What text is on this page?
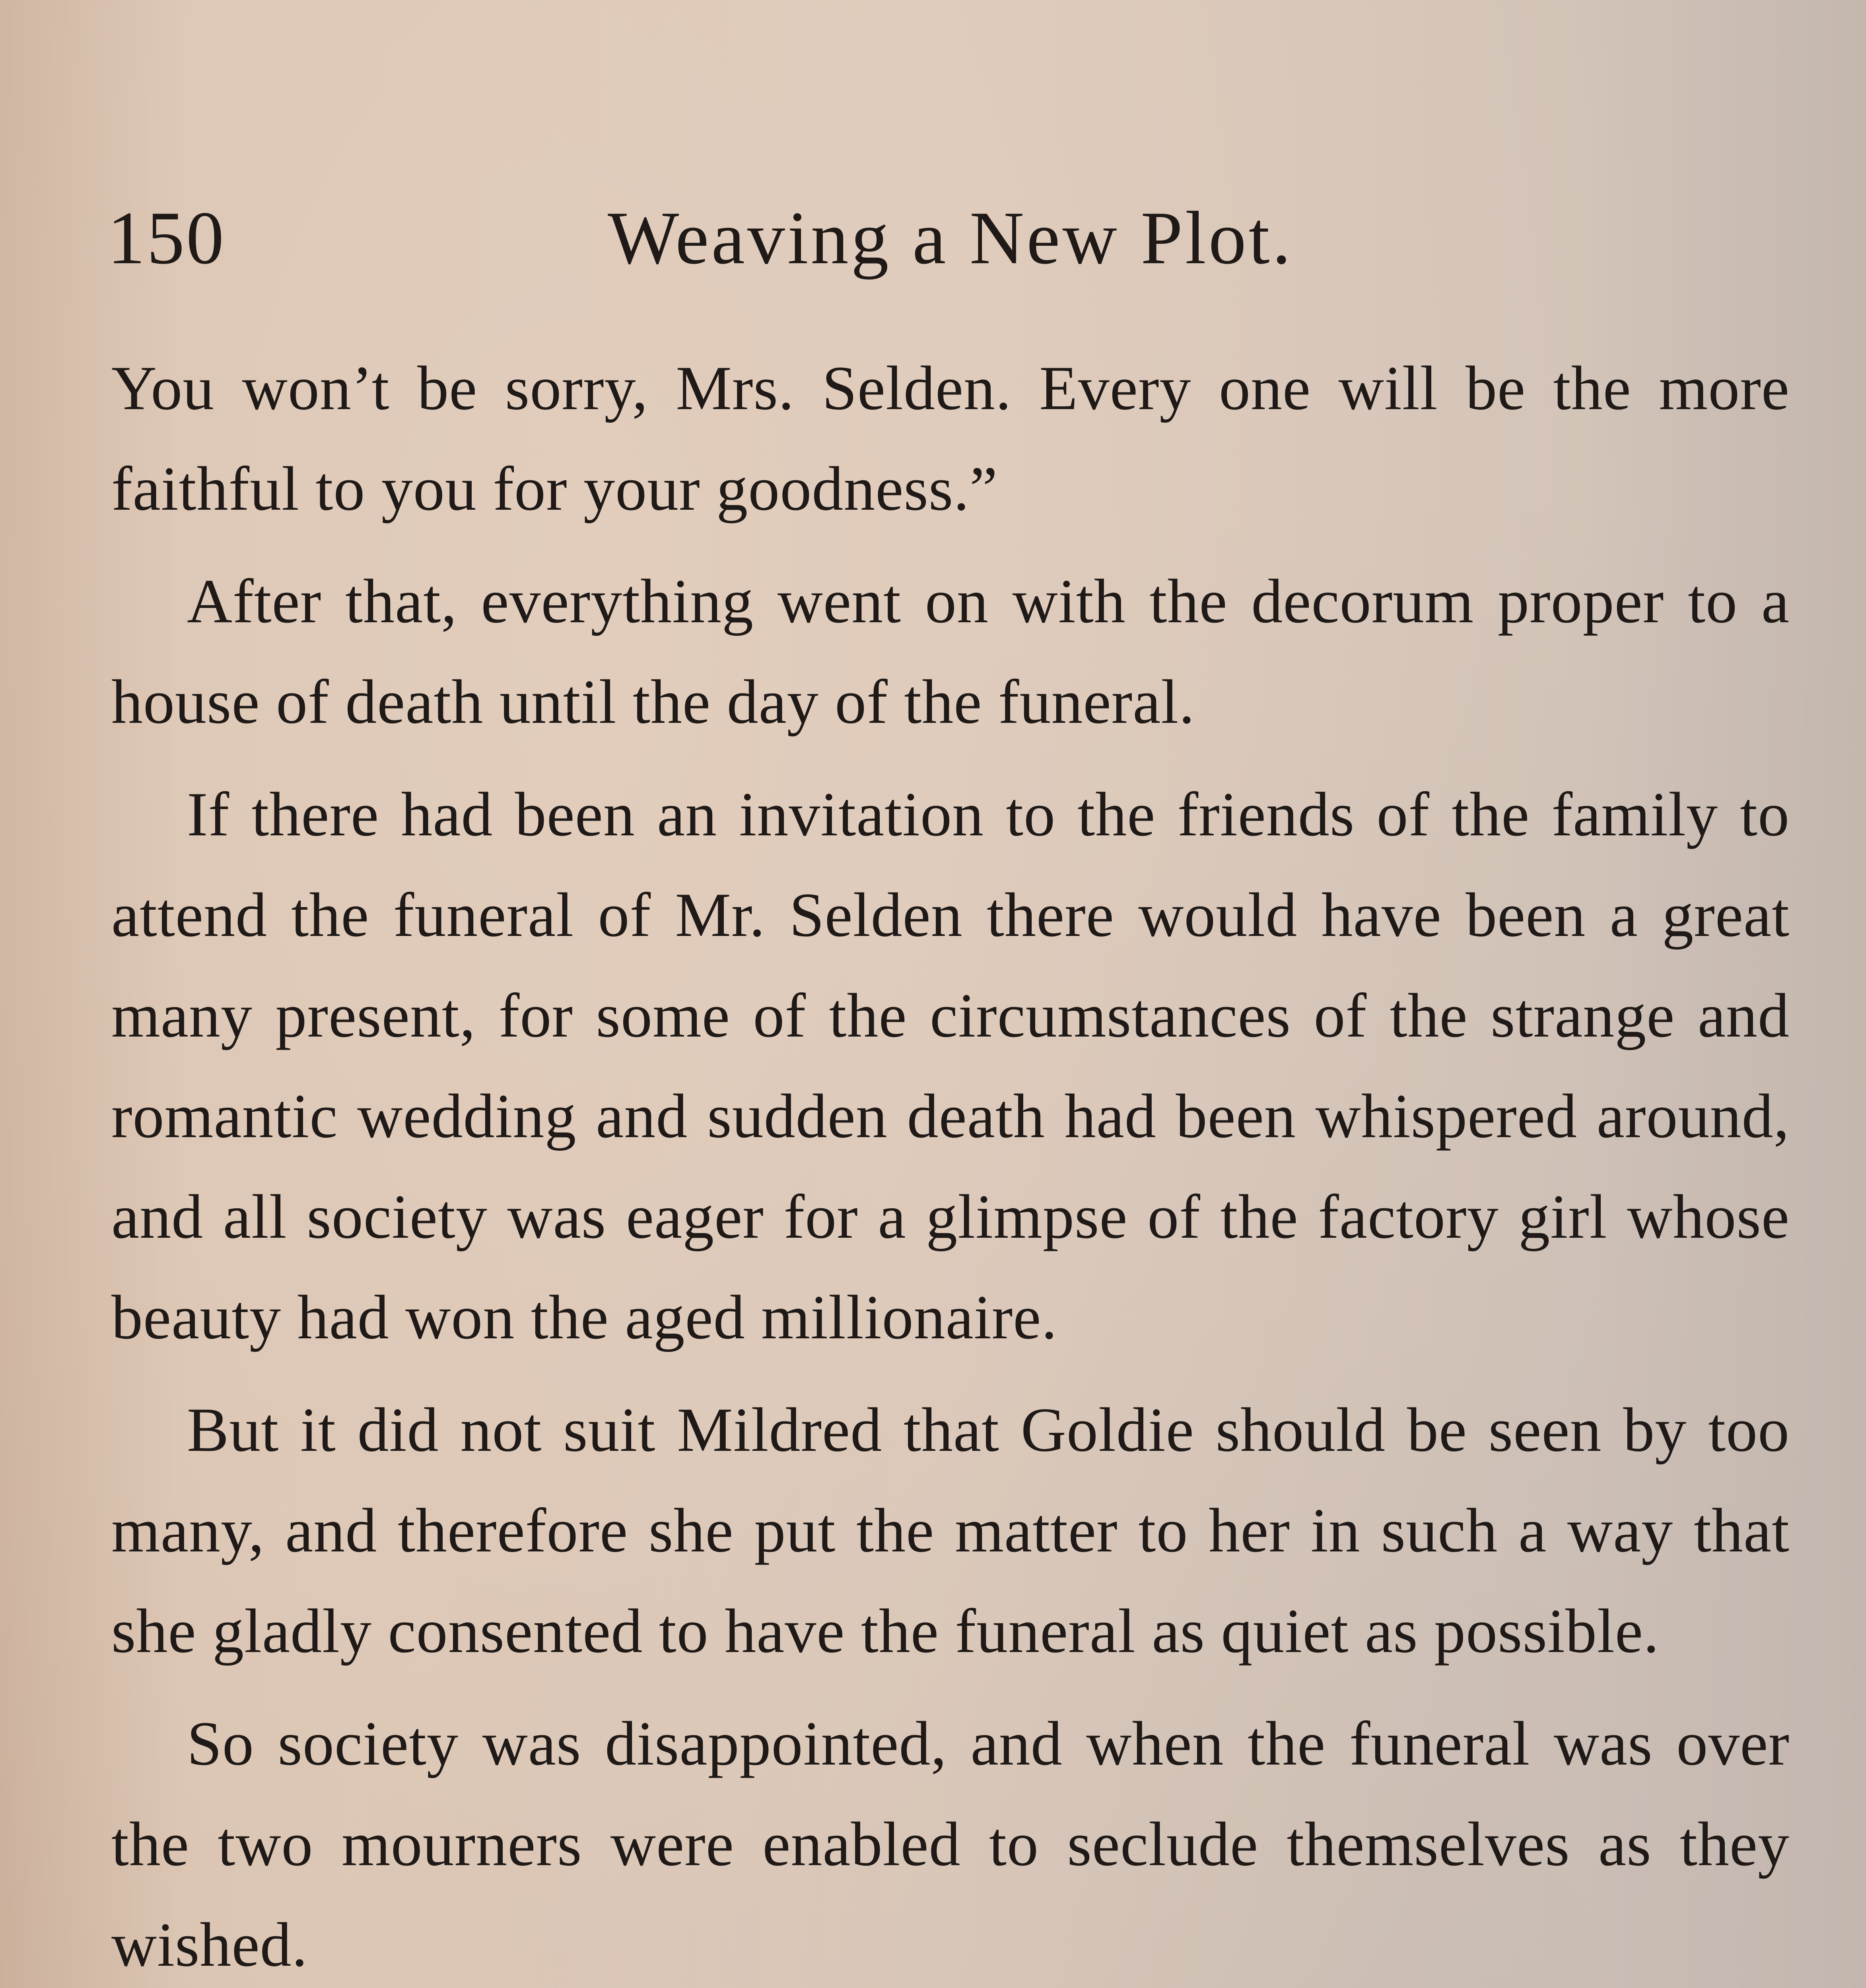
150	Weaving a New Plot.

You won’t be sorry, Mrs. Selden. Every one will be the more faithful to you for your goodness.”

After that, everything went on with the decorum proper to a house of death until the day of the funeral.

If there had been an invitation to the friends of the family to attend the funeral of Mr. Selden there would have been a great many present, for some of the circumstances of the strange and romantic wedding and sudden death had been whispered around, and all society was eager for a glimpse of the factory girl whose beauty had won the aged millionaire.

But it did not suit Mildred that Goldie should be seen by too many, and therefore she put the matter to her in such a way that she gladly consented to have the funeral as quiet as possible.

So society was disappointed, and when the funeral was over the two mourners were enabled to seclude themselves as they wished.
